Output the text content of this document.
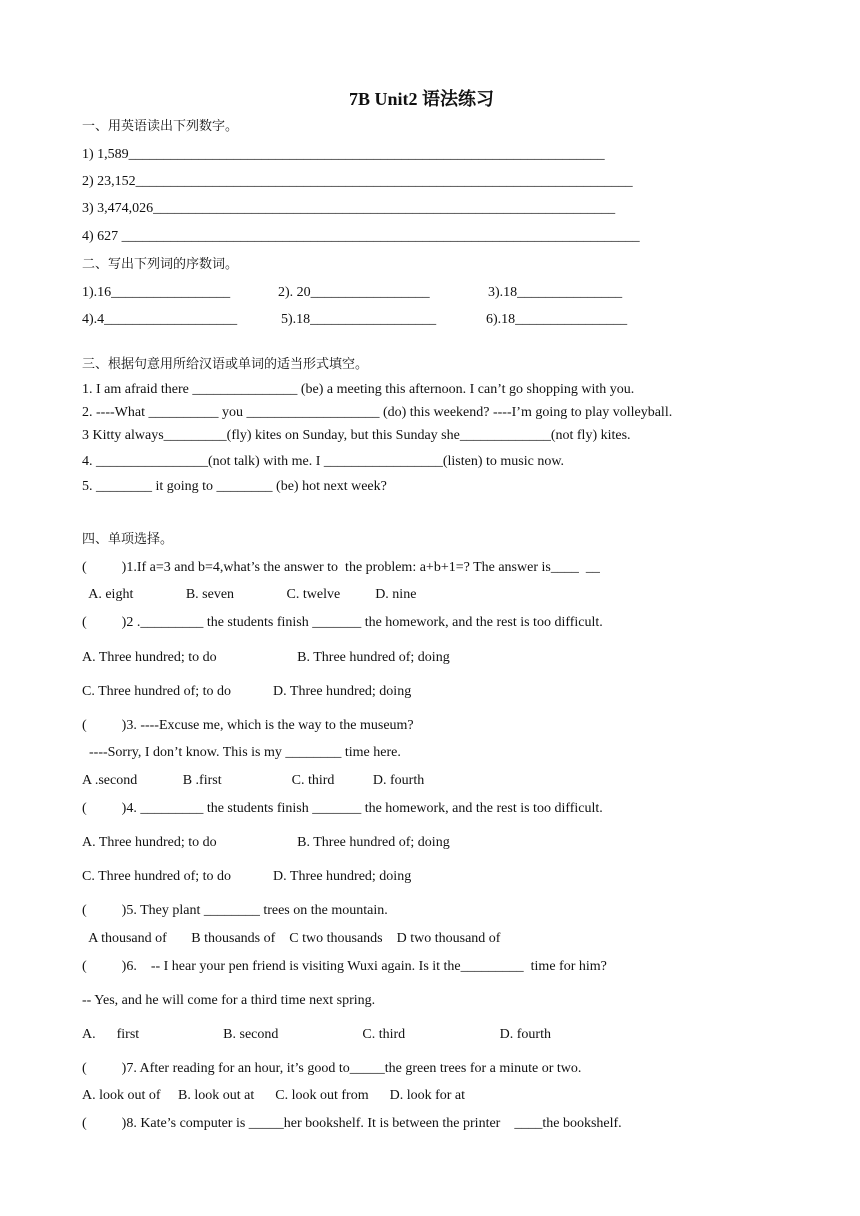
7B Unit2 语法练习
一、用英语读出下列数字。
1) 1,589____________________________________________________________________
2) 23,152_______________________________________________________________________
3) 3,474,026__________________________________________________________________
4) 627 __________________________________________________________________________
二、写出下列词的序数词。
1).16_________________	2). 20_________________	3).18_______________
4).4___________________	5).18__________________	6).18________________
三、根据句意用所给汉语或单词的适当形式填空。
1. I am afraid there _______________ (be) a meeting this afternoon. I can’t go shopping with you.
2. ----What __________ you ___________________ (do) this weekend? ----I’m going to play volleyball.
3 Kitty always_________(fly) kites on Sunday, but this Sunday she_____________(not fly) kites.
4. ________________(not talk) with me. I _________________(listen) to music now.
5. ________ it going to ________ (be) hot next week?
四、单项选择。
(          )1.If a=3 and b=4,what’s the answer to  the problem: a+b+1=? The answer is____  __
A. eight               B. seven               C. twelve          D. nine
(          )2 ._________ the students finish _______ the homework, and the rest is too difficult.
A. Three hundred; to do                       B. Three hundred of; doing
C. Three hundred of; to do            D. Three hundred; doing
(          )3. ----Excuse me, which is the way to the museum?
----Sorry, I don’t know. This is my ________ time here.
A .second             B .first                    C. third           D. fourth
(          )4. _________ the students finish _______ the homework, and the rest is too difficult.
A. Three hundred; to do                       B. Three hundred of; doing
C. Three hundred of; to do            D. Three hundred; doing
(          )5. They plant ________ trees on the mountain.
A thousand of       B thousands of    C two thousands    D two thousand of
(          )6.    -- I hear your pen friend is visiting Wuxi again. Is it the_________  time for him?
-- Yes, and he will come for a third time next spring.
A.      first                        B. second                        C. third                           D. fourth
(          )7. After reading for an hour, it’s good to_____the green trees for a minute or two.
A. look out of     B. look out at      C. look out from      D. look for at
(          )8. Kate’s computer is _____her bookshelf. It is between the printer    ____the bookshelf.
